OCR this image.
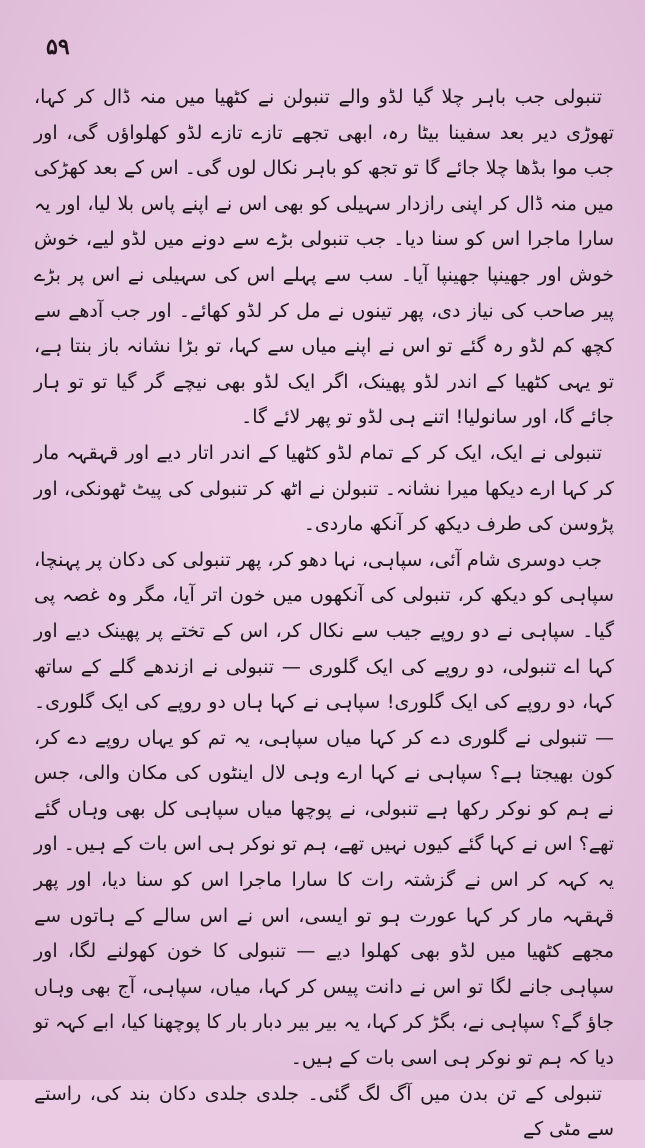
۵۹

تنبولی جب باہر چلا گیا لڈو والے تنبولن نے کٹھیا میں منہ ڈال کر کہا، تھوڑی دیر بعد سفینا بیٹا رہ، ابھی تجھے تازے تازے لڈو کھلواؤں گی، اور جب موا بڈھا چلا جائے گا تو تجھ کو باہر نکال لوں گی۔ اس کے بعد کھڑکی میں منہ ڈال کر اپنی رازدار سہیلی کو بھی اس نے اپنے پاس بلا لیا، اور یہ سارا ماجرا اس کو سنا دیا۔ جب تنبولی بڑے سے دونے میں لڈو لیے، خوش خوش اور جھینپا جھینپا آیا۔ سب سے پہلے اس کی سہیلی نے اس پر بڑے پیر صاحب کی نیاز دی، پھر تینوں نے مل کر لڈو کھائے۔ اور جب آدھے سے کچھ کم لڈو رہ گئے تو اس نے اپنے میاں سے کہا، تو بڑا نشانہ باز بنتا ہے، تو یہی کٹھیا کے اندر لڈو پھینک، اگر ایک لڈو بھی نیچے گر گیا تو تو ہار جائے گا، اور سانولیا! اتنے ہی لڈو تو پھر لائے گا۔

تنبولی نے ایک، ایک کر کے تمام لڈو کٹھیا کے اندر اتار دیے اور قہقہہ مار کر کہا ارے دیکھا میرا نشانہ۔ تنبولن نے اٹھ کر تنبولی کی پیٹ ٹھونکی، اور پڑوسن کی طرف دیکھ کر آنکھ ماردی۔

جب دوسری شام آئی، سپاہی، نہا دھو کر، پھر تنبولی کی دکان پر پہنچا، سپاہی کو دیکھ کر، تنبولی کی آنکھوں میں خون اتر آیا، مگر وہ غصہ پی گیا۔ سپاہی نے دو روپے جیب سے نکال کر، اس کے تختے پر پھینک دیے اور کہا اے تنبولی، دو روپے کی ایک گلوری — تنبولی نے ازندھے گلے کے ساتھ کہا، دو روپے کی ایک گلوری! سپاہی نے کہا ہاں دو روپے کی ایک گلوری۔ — تنبولی نے گلوری دے کر کہا میاں سپاہی، یہ تم کو یہاں روپے دے کر، کون بھیجتا ہے؟ سپاہی نے کہا ارے وہی لال اینٹوں کی مکان والی، جس نے ہم کو نوکر رکھا ہے تنبولی، نے پوچھا میاں سپاہی کل بھی وہاں گئے تھے؟ اس نے کہا گئے کیوں نہیں تھے، ہم تو نوکر ہی اس بات کے ہیں۔ اور یہ کہہ کر اس نے گزشتہ رات کا سارا ماجرا اس کو سنا دیا، اور پھر قہقہہ مار کر کہا عورت ہو تو ایسی، اس نے اس سالے کے ہاتوں سے مجھے کٹھیا میں لڈو بھی کھلوا دیے — تنبولی کا خون کھولنے لگا، اور سپاہی جانے لگا تو اس نے دانت پیس کر کہا، میاں، سپاہی، آج بھی وہاں جاؤ گے؟ سپاہی نے، بگڑ کر کہا، یہ بیر بیر دبار بار کا پوچھنا کیا، ابے کہہ تو دیا کہ ہم تو نوکر ہی اسی بات کے ہیں۔

تنبولی کے تن بدن میں آگ لگ گئی۔ جلدی جلدی دکان بند کی، راستے سے مٹی کے
